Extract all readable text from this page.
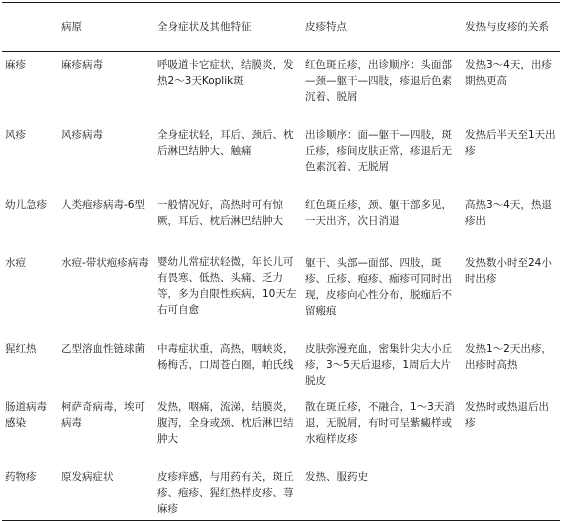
	病原	全身症状及其他特征	皮疹特点	发热与皮疹的关系
麻疹	麻疹病毒	呼吸道卡它症状，结膜炎，发热2～3天Koplik斑	红色斑丘疹，出诊顺序：头面部—颈—躯干—四肢，疹退后色素沉着、脱屑	发热3～4天，出疹期热更高
风疹	风疹病毒	全身症状轻，耳后、颈后、枕后淋巴结肿大、触痛	出诊顺序：面—躯干—四肢，斑丘疹，疹间皮肤正常，疹退后无色素沉着、无脱屑	发热后半天至1天出疹
幼儿急疹	人类疱疹病毒-6型	一般情况好，高热时可有惊厥，耳后、枕后淋巴结肿大	红色斑丘疹，颈、躯干部多见，一天出齐，次日消退	高热3～4天，热退疹出
水痘	水痘-带状疱疹病毒	婴幼儿常症状轻微，年长儿可有畏寒、低热、头痛、乏力等，多为自限性疾病，10天左右可自愈	躯干、头部—面部、四肢，斑疹、丘疹、疱疹、痂疹可同时出现，皮疹向心性分布，脱痂后不留瘢痕	发热数小时至24小时出疹
猩红热	乙型溶血性链球菌	中毒症状重，高热，咽峡炎，杨梅舌，口周苍白圈，帕氏线	皮肤弥漫充血，密集针尖大小丘疹，3～5天后退疹，1周后大片脱皮	发热1～2天出疹，出疹时高热
肠道病毒感染	柯萨奇病毒，埃可病毒	发热，咽痛，流涕，结膜炎，腹泻，全身或颈、枕后淋巴结肿大	散在斑丘疹，不融合，1～3天消退，无脱屑，有时可呈紫癜样或水疱样皮疹	发热时或热退后出疹
药物疹	原发病症状	皮疹痒感，与用药有关，斑丘疹、疱疹、猩红热样皮疹、荨麻疹	发热、服药史	
